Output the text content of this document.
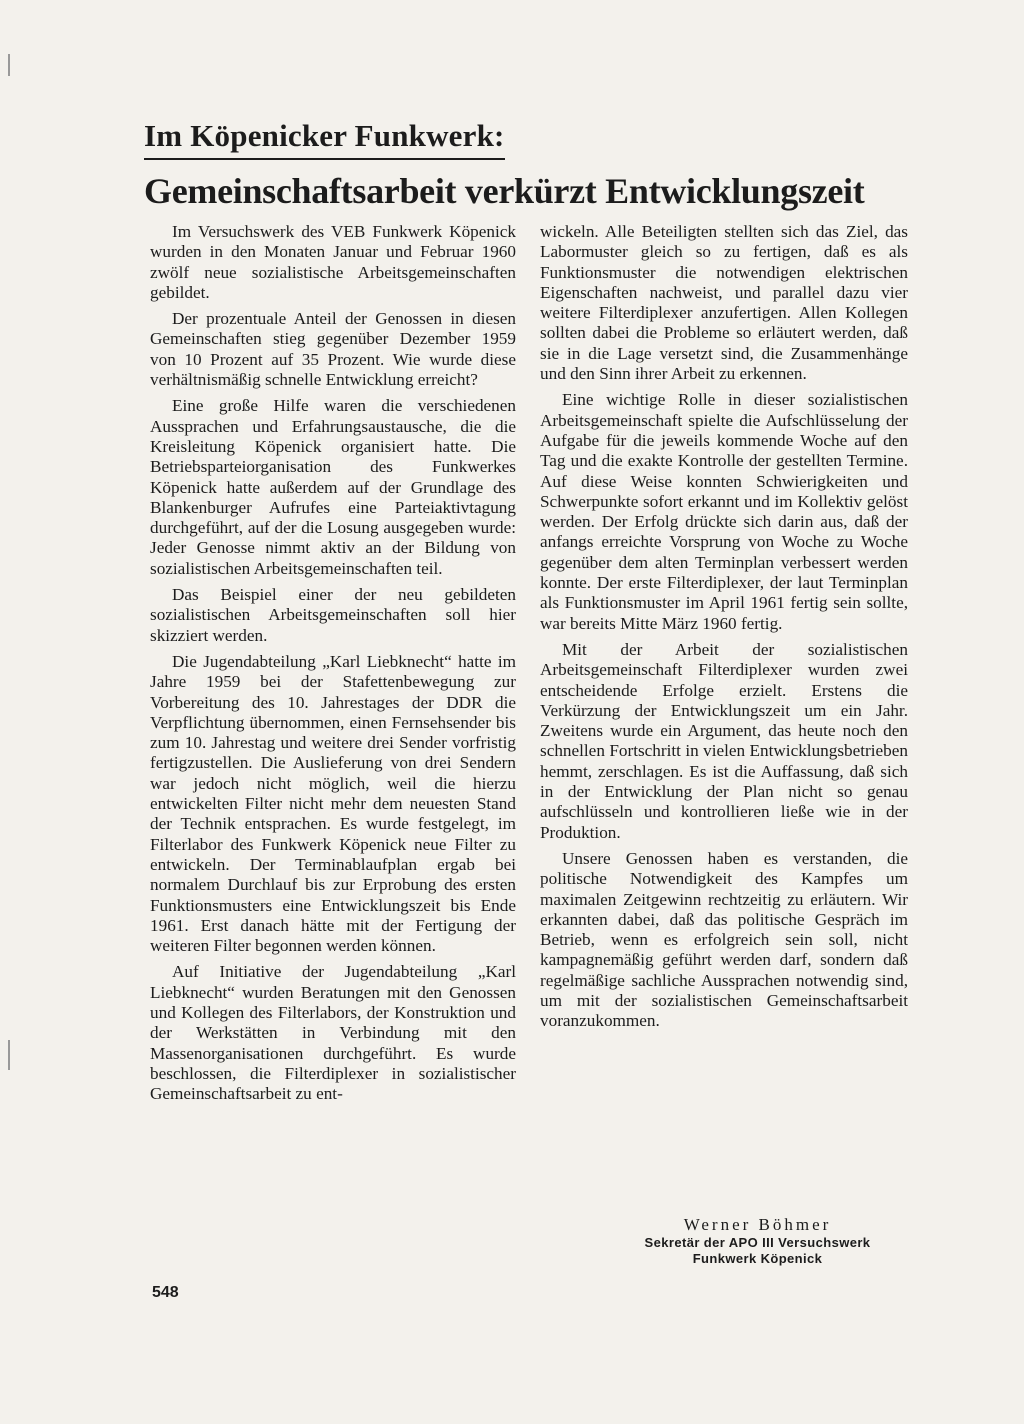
Im Köpenicker Funkwerk:
Gemeinschaftsarbeit verkürzt Entwicklungszeit

Im Versuchswerk des VEB Funkwerk Köpenick wurden in den Monaten Januar und Februar 1960 zwölf neue sozialistische Arbeitsgemeinschaften gebildet.

Der prozentuale Anteil der Genossen in diesen Gemeinschaften stieg gegenüber Dezember 1959 von 10 Prozent auf 35 Prozent. Wie wurde diese verhältnismäßig schnelle Entwicklung erreicht?

Eine große Hilfe waren die verschiedenen Aussprachen und Erfahrungsaustausche, die die Kreisleitung Köpenick organisiert hatte. Die Betriebsparteiorganisation des Funkwerkes Köpenick hatte außerdem auf der Grundlage des Blankenburger Aufrufes eine Parteiaktivtagung durchgeführt, auf der die Losung ausgegeben wurde: Jeder Genosse nimmt aktiv an der Bildung von sozialistischen Arbeitsgemeinschaften teil.

Das Beispiel einer der neu gebildeten sozialistischen Arbeitsgemeinschaften soll hier skizziert werden.

Die Jugendabteilung „Karl Liebknecht“ hatte im Jahre 1959 bei der Stafettenbewegung zur Vorbereitung des 10. Jahrestages der DDR die Verpflichtung übernommen, einen Fernsehsender bis zum 10. Jahrestag und weitere drei Sender vorfristig fertigzustellen. Die Auslieferung von drei Sendern war jedoch nicht möglich, weil die hierzu entwickelten Filter nicht mehr dem neuesten Stand der Technik entsprachen. Es wurde festgelegt, im Filterlabor des Funkwerk Köpenick neue Filter zu entwickeln. Der Terminablaufplan ergab bei normalem Durchlauf bis zur Erprobung des ersten Funktionsmusters eine Entwicklungszeit bis Ende 1961. Erst danach hätte mit der Fertigung der weiteren Filter begonnen werden können.

Auf Initiative der Jugendabteilung „Karl Liebknecht“ wurden Beratungen mit den Genossen und Kollegen des Filterlabors, der Konstruktion und der Werkstätten in Verbindung mit den Massenorganisationen durchgeführt. Es wurde beschlossen, die Filterdiplexer in sozialistischer Gemeinschaftsarbeit zu ent-

wickeln. Alle Beteiligten stellten sich das Ziel, das Labormuster gleich so zu fertigen, daß es als Funktionsmuster die notwendigen elektrischen Eigenschaften nachweist, und parallel dazu vier weitere Filterdiplexer anzufertigen. Allen Kollegen sollten dabei die Probleme so erläutert werden, daß sie in die Lage versetzt sind, die Zusammenhänge und den Sinn ihrer Arbeit zu erkennen.

Eine wichtige Rolle in dieser sozialistischen Arbeitsgemeinschaft spielte die Aufschlüsselung der Aufgabe für die jeweils kommende Woche auf den Tag und die exakte Kontrolle der gestellten Termine. Auf diese Weise konnten Schwierigkeiten und Schwerpunkte sofort erkannt und im Kollektiv gelöst werden. Der Erfolg drückte sich darin aus, daß der anfangs erreichte Vorsprung von Woche zu Woche gegenüber dem alten Terminplan verbessert werden konnte. Der erste Filterdiplexer, der laut Terminplan als Funktionsmuster im April 1961 fertig sein sollte, war bereits Mitte März 1960 fertig.

Mit der Arbeit der sozialistischen Arbeitsgemeinschaft Filterdiplexer wurden zwei entscheidende Erfolge erzielt. Erstens die Verkürzung der Entwicklungszeit um ein Jahr. Zweitens wurde ein Argument, das heute noch den schnellen Fortschritt in vielen Entwicklungsbetrieben hemmt, zerschlagen. Es ist die Auffassung, daß sich in der Entwicklung der Plan nicht so genau aufschlüsseln und kontrollieren ließe wie in der Produktion.

Unsere Genossen haben es verstanden, die politische Notwendigkeit des Kampfes um maximalen Zeitgewinn rechtzeitig zu erläutern. Wir erkannten dabei, daß das politische Gespräch im Betrieb, wenn es erfolgreich sein soll, nicht kampagnemäßig geführt werden darf, sondern daß regelmäßige sachliche Aussprachen notwendig sind, um mit der sozialistischen Gemeinschaftsarbeit voranzukommen.

Werner Böhmer
Sekretär der APO III Versuchswerk
Funkwerk Köpenick
548
